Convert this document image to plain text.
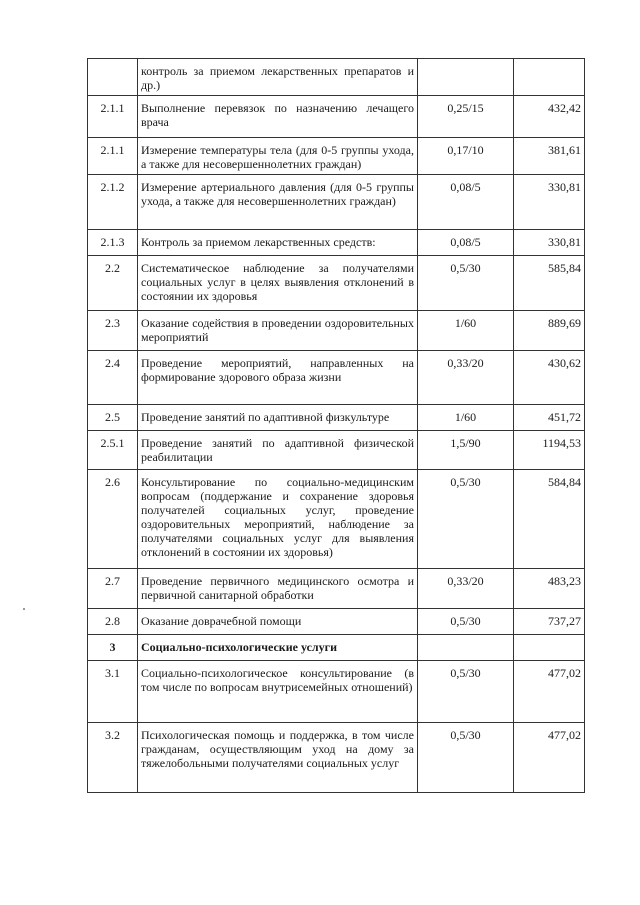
	контроль за приемом лекарственных препаратов и др.)		
2.1.1	Выполнение перевязок по назначению лечащего врача	0,25/15	432,42
2.1.1	Измерение температуры тела (для 0-5 группы ухода, а также для несовершеннолетних граждан)	0,17/10	381,61
2.1.2	Измерение артериального давления (для 0-5 группы ухода, а также для несовершеннолетних граждан)	0,08/5	330,81
2.1.3	Контроль за приемом лекарственных средств:	0,08/5	330,81
2.2	Систематическое наблюдение за получателями социальных услуг в целях выявления отклонений в состоянии их здоровья	0,5/30	585,84
2.3	Оказание содействия в проведении оздоровительных мероприятий	1/60	889,69
2.4	Проведение мероприятий, направленных на формирование здорового образа жизни	0,33/20	430,62
2.5	Проведение занятий по адаптивной физкультуре	1/60	451,72
2.5.1	Проведение занятий по адаптивной физической реабилитации	1,5/90	1194,53
2.6	Консультирование по социально-медицинским вопросам (поддержание и сохранение здоровья получателей социальных услуг, проведение оздоровительных мероприятий, наблюдение за получателями социальных услуг для выявления отклонений в состоянии их здоровья)	0,5/30	584,84
2.7	Проведение первичного медицинского осмотра и первичной санитарной обработки	0,33/20	483,23
2.8	Оказание доврачебной помощи	0,5/30	737,27
3	Социально-психологические услуги		
3.1	Социально-психологическое консультирование (в том числе по вопросам внутрисемейных отношений)	0,5/30	477,02
3.2	Психологическая помощь и поддержка, в том числе гражданам, осуществляющим уход на дому за тяжелобольными получателями социальных услуг	0,5/30	477,02
